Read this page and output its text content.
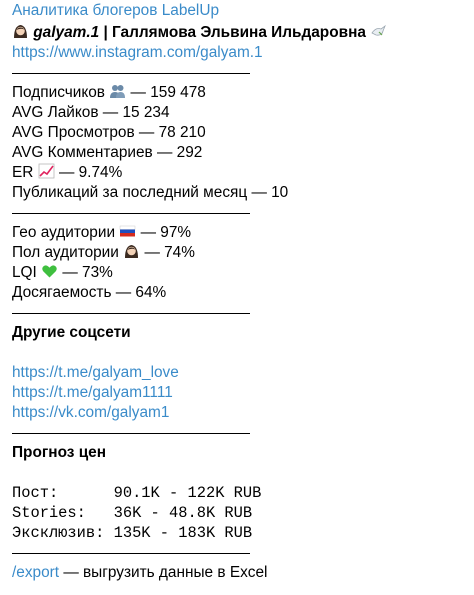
Аналитика блогеров LabelUp
galyam.1 | Галлямова Эльвина Ильдаровна
https://www.instagram.com/galyam.1
Подписчиков
— 159 478
AVG Лайков — 15 234
AVG Просмотров — 78 210
AVG Комментариев — 292
ER
— 9.74%
Публикаций за последний месяц — 10
Гео аудитории
— 97%
Пол аудитории
— 74%
LQI
— 73%
Досягаемость — 64%
Другие соцсети
https://t.me/galyam_love
https://t.me/galyam1111
https://vk.com/galyam1
Прогноз цен
Пост:      90.1K - 122K RUB
Stories:   36K - 48.8K RUB
Эксклюзив: 135K - 183K RUB
/export — выгрузить данные в Excel
